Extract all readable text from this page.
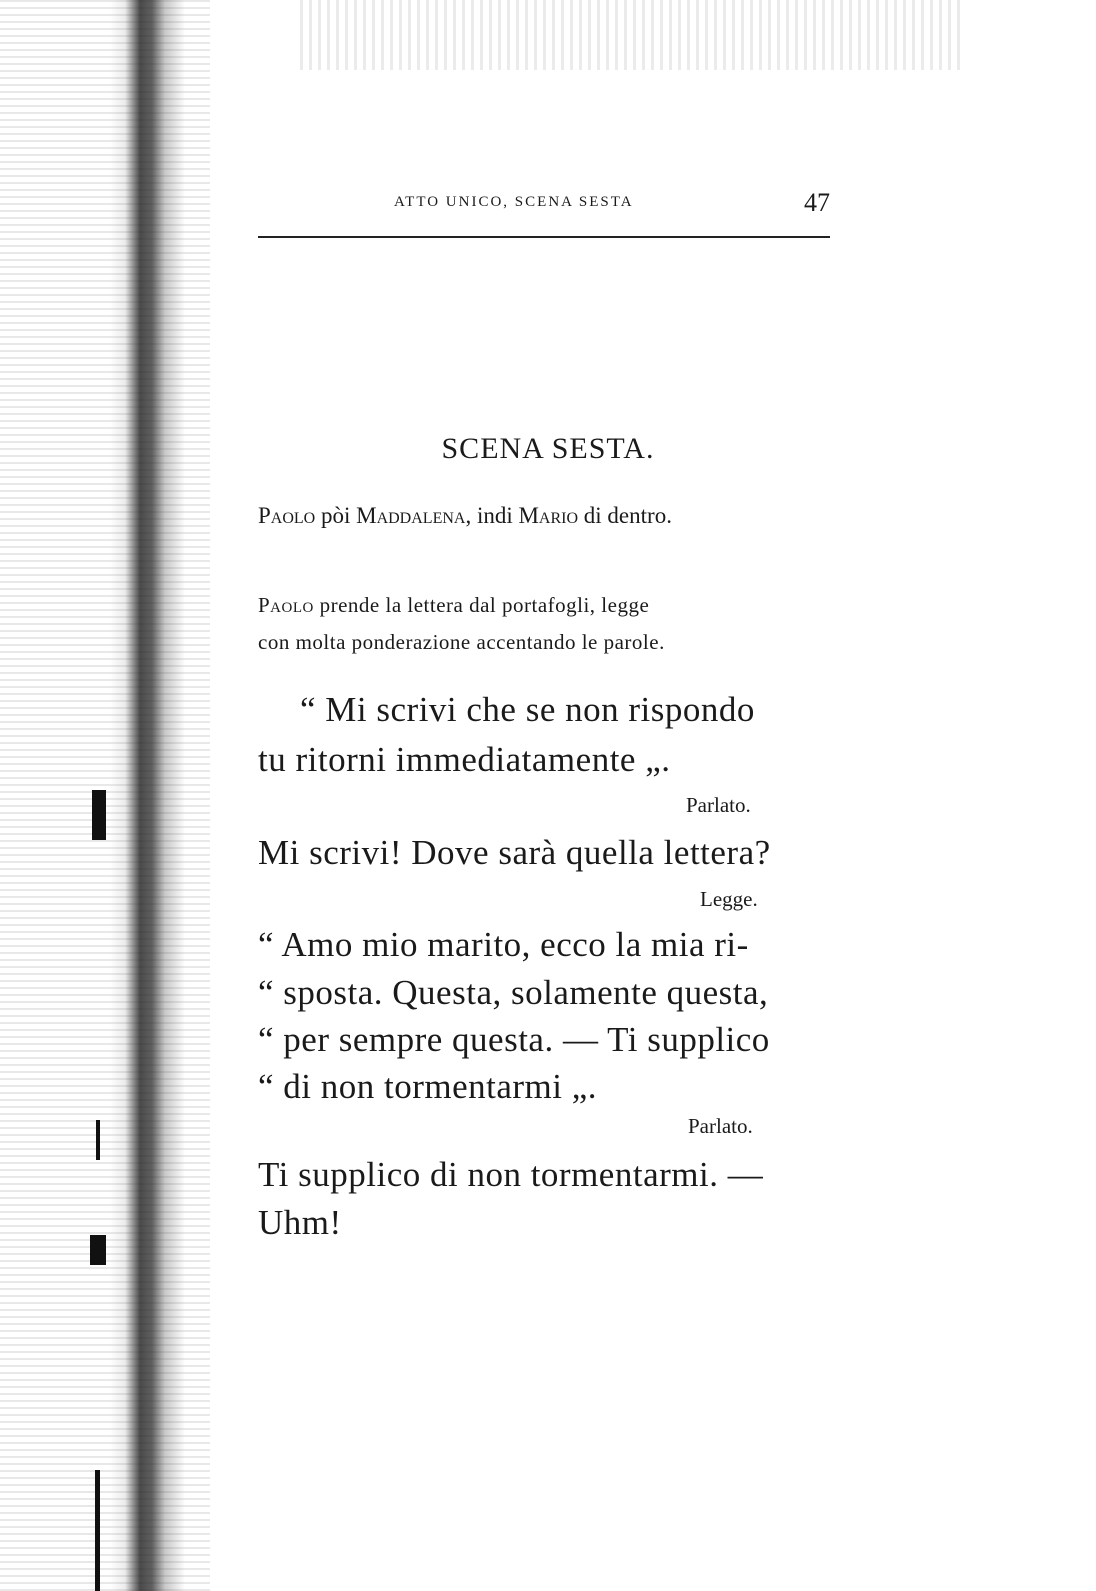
ATTO UNICO, SCENA SESTA	47
SCENA SESTA.
Paolo pòi Maddalena, indi Mario di dentro.
Paolo prende la lettera dal portafogli, legge
con molta ponderazione accentando le parole.
“ Mi scrivi che se non rispondo
tu ritorni immediatamente „.
Parlato.
Mi scrivi! Dove sarà quella lettera?
Legge.
“ Amo mio marito, ecco la mia ri-
“ sposta. Questa, solamente questa,
“ per sempre questa. — Ti supplico
“ di non tormentarmi „.
Parlato.
Ti supplico di non tormentarmi. —
Uhm!
